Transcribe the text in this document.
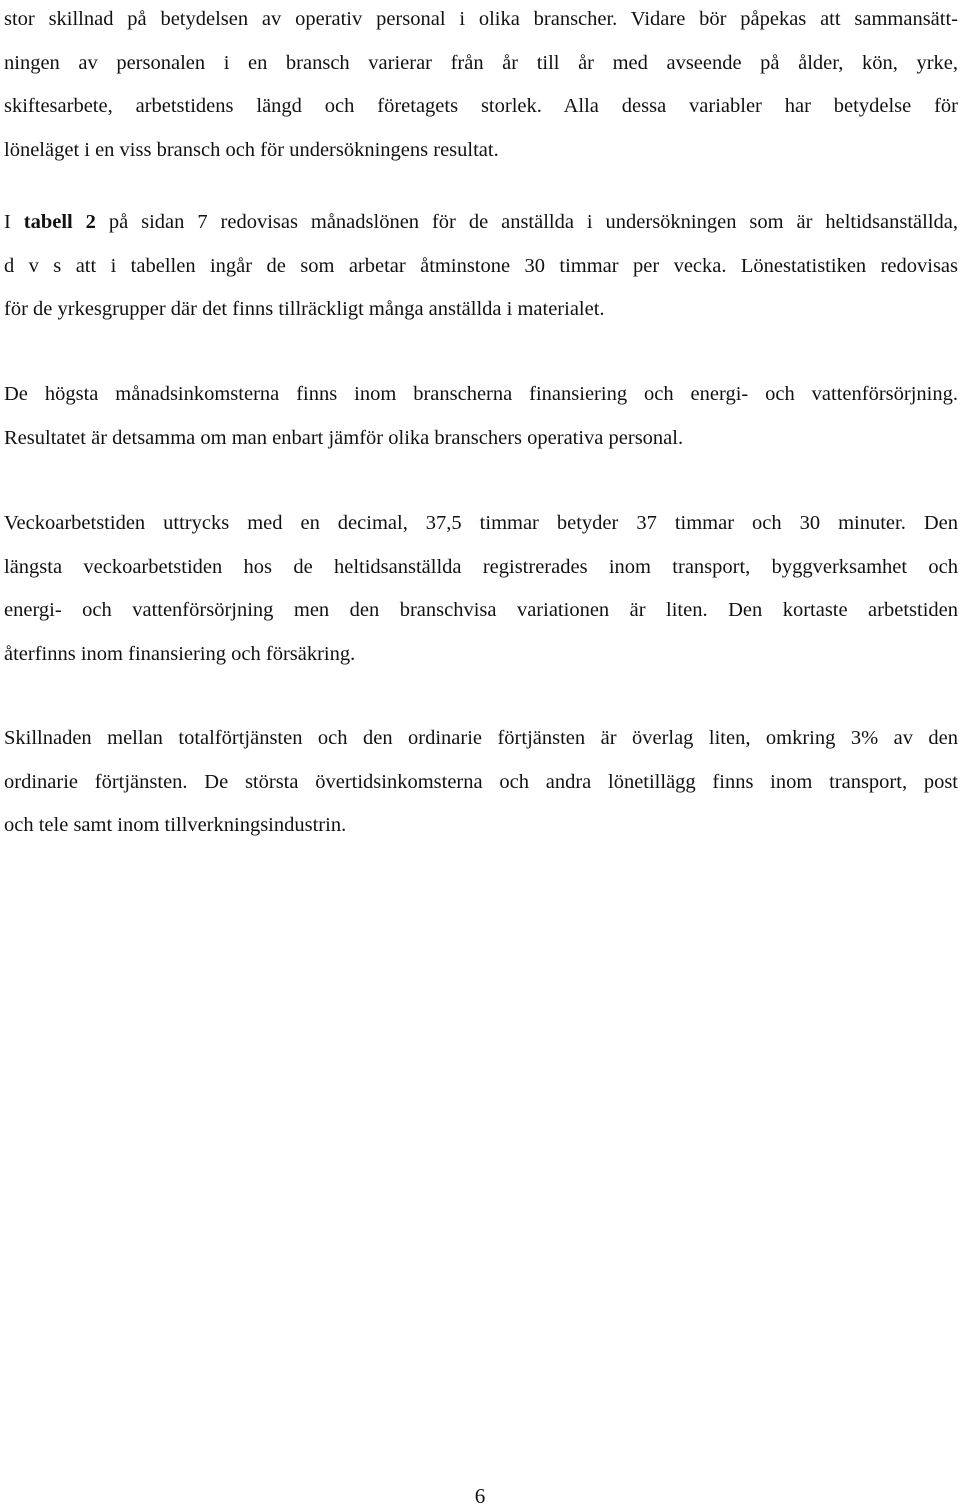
stor skillnad på betydelsen av operativ personal i olika branscher. Vidare bör påpekas att sammansätt-
ningen av personalen i en bransch varierar från år till år med avseende på ålder, kön, yrke,
skiftesarbete, arbetstidens längd och företagets storlek. Alla dessa variabler har betydelse för
löneläget i en viss bransch och för undersökningens resultat.

I tabell 2 på sidan 7 redovisas månadslönen för de anställda i undersökningen som är heltidsanställda,
d v s att i tabellen ingår de som arbetar åtminstone 30 timmar per vecka. Lönestatistiken redovisas
för de yrkesgrupper där det finns tillräckligt många anställda i materialet.

De högsta månadsinkomsterna finns inom branscherna finansiering och energi- och vattenförsörjning.
Resultatet är detsamma om man enbart jämför olika branschers operativa personal.

Veckoarbetstiden uttrycks med en decimal, 37,5 timmar betyder 37 timmar och 30 minuter. Den
längsta veckoarbetstiden hos de heltidsanställda registrerades inom transport, byggverksamhet och
energi- och vattenförsörjning men den branschvisa variationen är liten. Den kortaste arbetstiden
återfinns inom finansiering och försäkring.

Skillnaden mellan totalförtjänsten och den ordinarie förtjänsten är överlag liten, omkring 3% av den
ordinarie förtjänsten. De största övertidsinkomsterna och andra lönetillägg finns inom transport, post
och tele samt inom tillverkningsindustrin.

6
